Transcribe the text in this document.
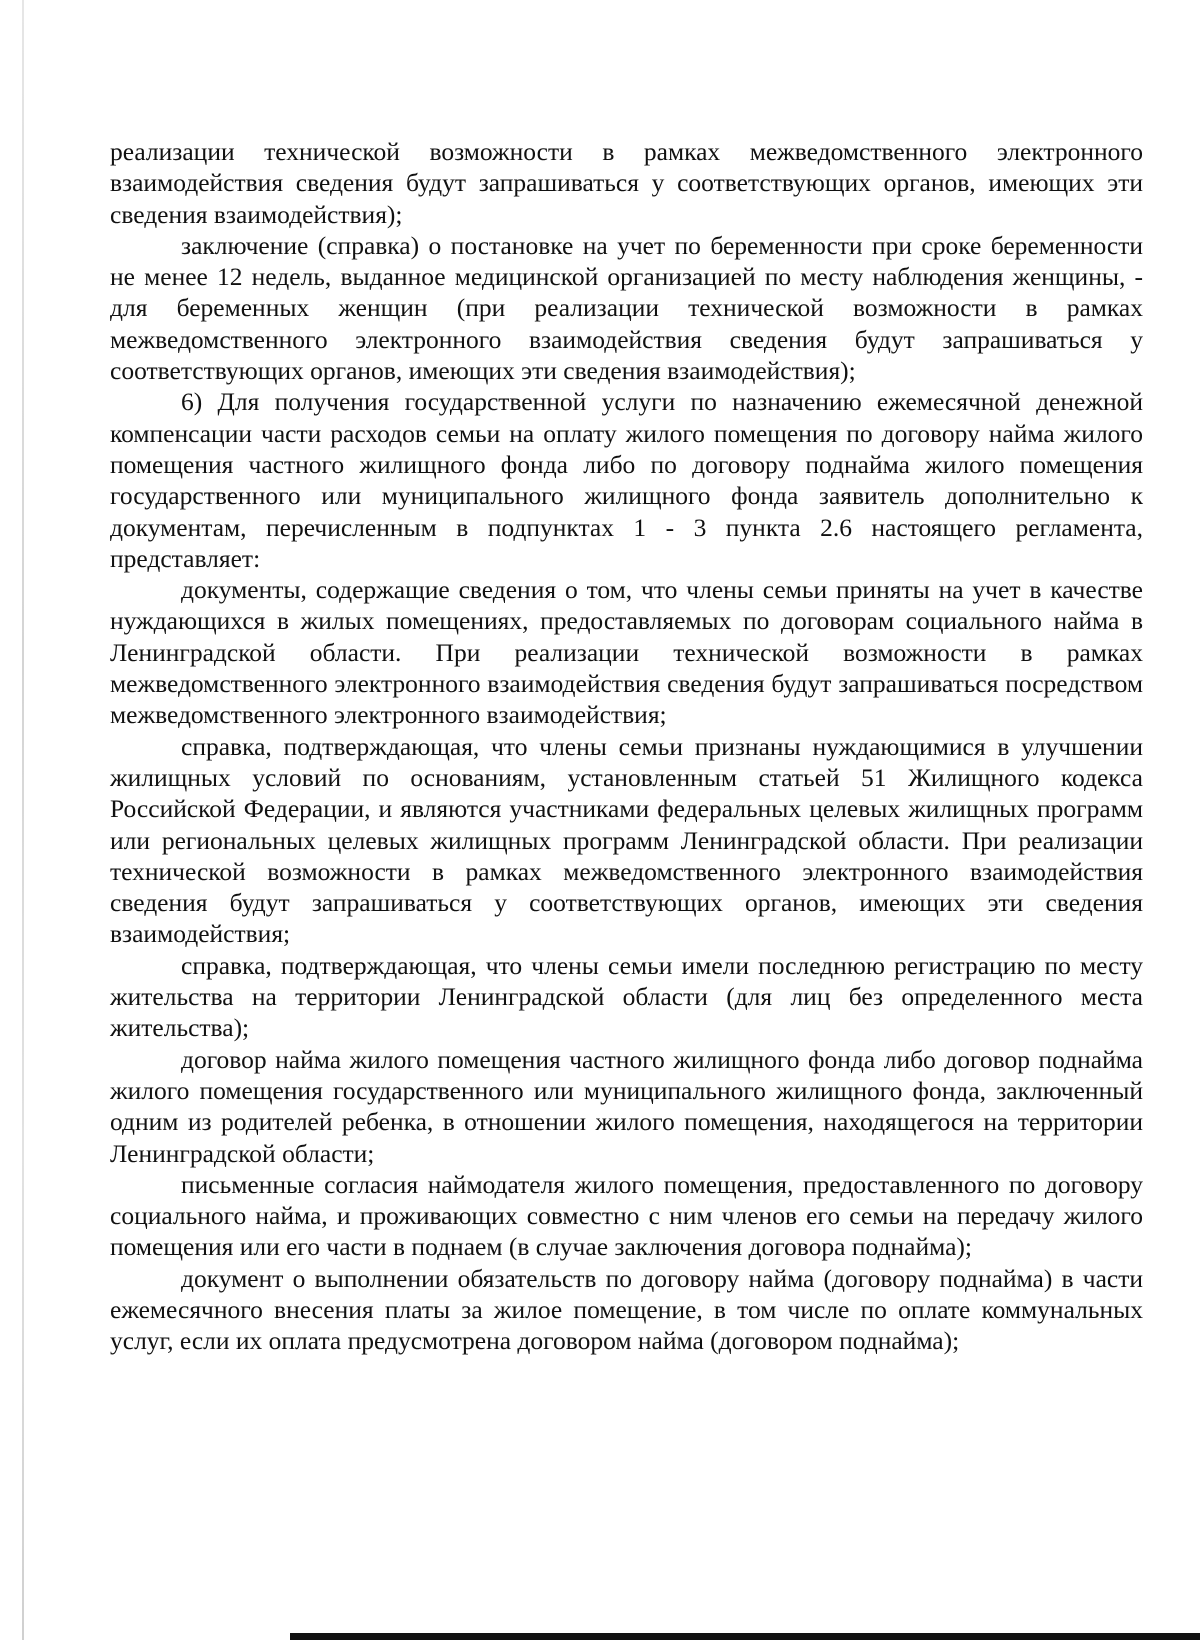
реализации технической возможности в рамках межведомственного электронного взаимодействия сведения будут запрашиваться у соответствующих органов, имеющих эти сведения взаимодействия);

заключение (справка) о постановке на учет по беременности при сроке беременности не менее 12 недель, выданное медицинской организацией по месту наблюдения женщины, - для беременных женщин (при реализации технической возможности в рамках межведомственного электронного взаимодействия сведения будут запрашиваться у соответствующих органов, имеющих эти сведения взаимодействия);

6) Для получения государственной услуги по назначению ежемесячной денежной компенсации части расходов семьи на оплату жилого помещения по договору найма жилого помещения частного жилищного фонда либо по договору поднайма жилого помещения государственного или муниципального жилищного фонда заявитель дополнительно к документам, перечисленным в подпунктах 1 - 3 пункта 2.6 настоящего регламента, представляет:

документы, содержащие сведения о том, что члены семьи приняты на учет в качестве нуждающихся в жилых помещениях, предоставляемых по договорам социального найма в Ленинградской области. При реализации технической возможности в рамках межведомственного электронного взаимодействия сведения будут запрашиваться посредством межведомственного электронного взаимодействия;

справка, подтверждающая, что члены семьи признаны нуждающимися в улучшении жилищных условий по основаниям, установленным статьей 51 Жилищного кодекса Российской Федерации, и являются участниками федеральных целевых жилищных программ или региональных целевых жилищных программ Ленинградской области. При реализации технической возможности в рамках межведомственного электронного взаимодействия сведения будут запрашиваться у соответствующих органов, имеющих эти сведения взаимодействия;

справка, подтверждающая, что члены семьи имели последнюю регистрацию по месту жительства на территории Ленинградской области (для лиц без определенного места жительства);

договор найма жилого помещения частного жилищного фонда либо договор поднайма жилого помещения государственного или муниципального жилищного фонда, заключенный одним из родителей ребенка, в отношении жилого помещения, находящегося на территории Ленинградской области;

письменные согласия наймодателя жилого помещения, предоставленного по договору социального найма, и проживающих совместно с ним членов его семьи на передачу жилого помещения или его части в поднаем (в случае заключения договора поднайма);

документ о выполнении обязательств по договору найма (договору поднайма) в части ежемесячного внесения платы за жилое помещение, в том числе по оплате коммунальных услуг, если их оплата предусмотрена договором найма (договором поднайма);
